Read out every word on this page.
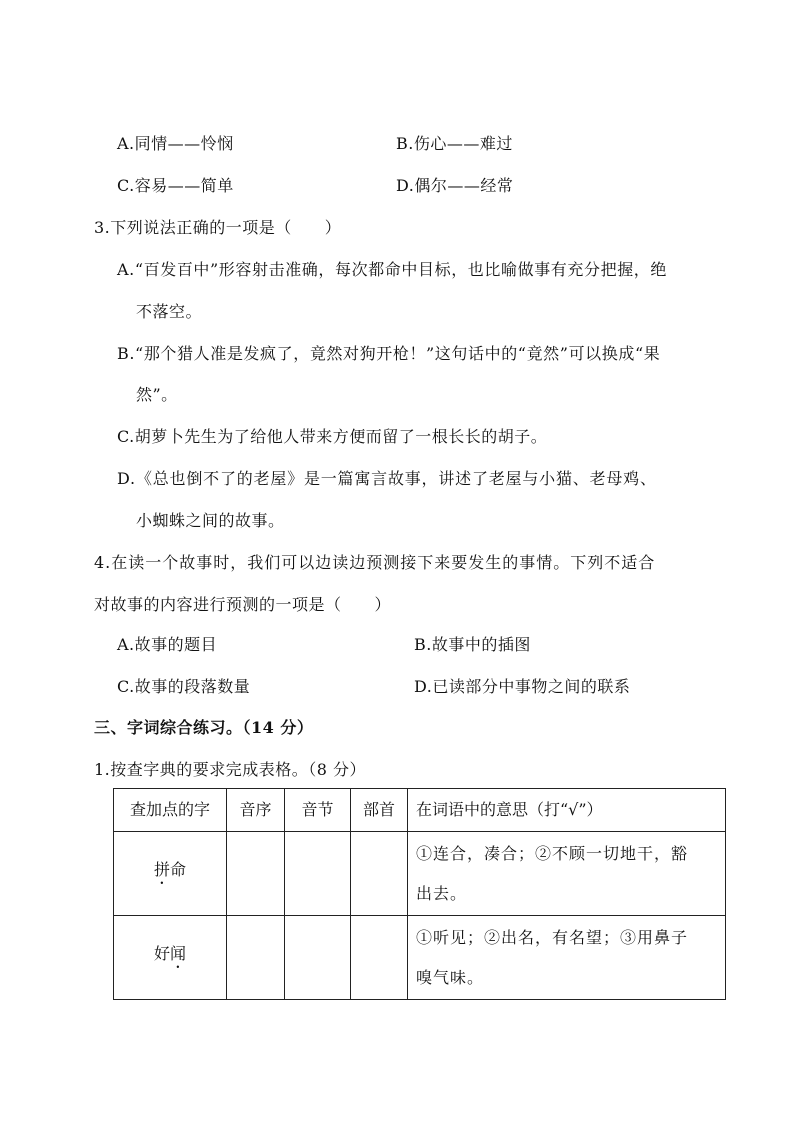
A.同情——怜悯	B.伤心——难过
C.容易——简单	D.偶尔——经常
3.下列说法正确的一项是（　　）
A.“百发百中”形容射击准确，每次都命中目标，也比喻做事有充分把握，绝
不落空。
B.“那个猎人准是发疯了，竟然对狗开枪！”这句话中的“竟然”可以换成“果
然”。
C.胡萝卜先生为了给他人带来方便而留了一根长长的胡子。
D.《总也倒不了的老屋》是一篇寓言故事，讲述了老屋与小猫、老母鸡、
小蜘蛛之间的故事。
4.在读一个故事时，我们可以边读边预测接下来要发生的事情。下列不适合
对故事的内容进行预测的一项是（　　）
A.故事的题目	B.故事中的插图
C.故事的段落数量	D.已读部分中事物之间的联系
三、字词综合练习。（14 分）
1.按查字典的要求完成表格。（8 分）
查加点的字	音序	音节	部首	在词语中的意思（打“√”）
拼命				①连合，凑合；②不顾一切地干，豁
出去。

好闻				①听见；②出名，有名望；③用鼻子
嗅气味。
